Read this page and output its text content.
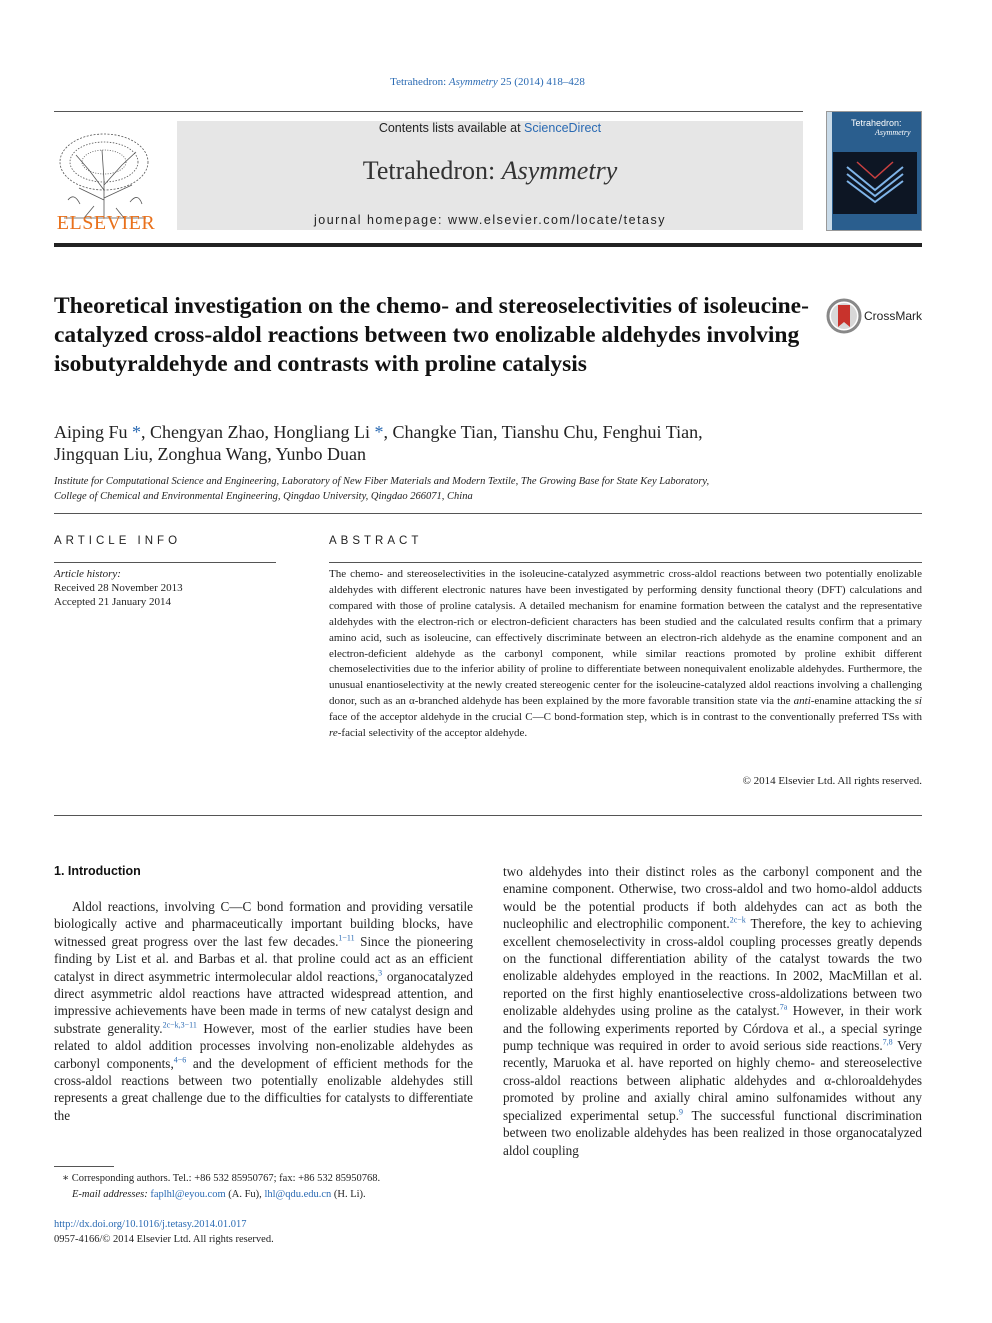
Tetrahedron: Asymmetry 25 (2014) 418–428
ELSEVIER
Contents lists available at ScienceDirect
Tetrahedron: Asymmetry
journal homepage: www.elsevier.com/locate/tetasy
Tetrahedron:
Asymmetry
Theoretical investigation on the chemo- and stereoselectivities of isoleucine-catalyzed cross-aldol reactions between two enolizable aldehydes involving isobutyraldehyde and contrasts with proline catalysis
CrossMark
Aiping Fu *, Chengyan Zhao, Hongliang Li *, Changke Tian, Tianshu Chu, Fenghui Tian,
Jingquan Liu, Zonghua Wang, Yunbo Duan
Institute for Computational Science and Engineering, Laboratory of New Fiber Materials and Modern Textile, The Growing Base for State Key Laboratory,
College of Chemical and Environmental Engineering, Qingdao University, Qingdao 266071, China
ARTICLE INFO	ABSTRACT
Article history:
Received 28 November 2013
Accepted 21 January 2014
The chemo- and stereoselectivities in the isoleucine-catalyzed asymmetric cross-aldol reactions between two potentially enolizable aldehydes with different electronic natures have been investigated by performing density functional theory (DFT) calculations and compared with those of proline catalysis. A detailed mechanism for enamine formation between the catalyst and the representative aldehydes with the electron-rich or electron-deficient characters has been studied and the calculated results confirm that a primary amino acid, such as isoleucine, can effectively discriminate between an electron-rich aldehyde as the enamine component and an electron-deficient aldehyde as the carbonyl component, while similar reactions promoted by proline exhibit different chemoselectivities due to the inferior ability of proline to differentiate between nonequivalent enolizable aldehydes. Furthermore, the unusual enantioselectivity at the newly created stereogenic center for the isoleucine-catalyzed aldol reactions involving a challenging donor, such as an α-branched aldehyde has been explained by the more favorable transition state via the anti-enamine attacking the si face of the acceptor aldehyde in the crucial C—C bond-formation step, which is in contrast to the conventionally preferred TSs with re-facial selectivity of the acceptor aldehyde.
© 2014 Elsevier Ltd. All rights reserved.
1. Introduction
Aldol reactions, involving C—C bond formation and providing versatile biologically active and pharmaceutically important building blocks, have witnessed great progress over the last few decades.$^{1-11}$ Since the pioneering finding by List et al. and Barbas et al. that proline could act as an efficient catalyst in direct asymmetric intermolecular aldol reactions,$^3$ organocatalyzed direct asymmetric aldol reactions have attracted widespread attention, and impressive achievements have been made in terms of new catalyst design and substrate generality.$^{2c-k,3-11}$ However, most of the earlier studies have been related to aldol addition processes involving non-enolizable aldehydes as carbonyl components,$^{4-6}$ and the development of efficient methods for the cross-aldol reactions between two potentially enolizable aldehydes still represents a great challenge due to the difficulties for catalysts to differentiate the
two aldehydes into their distinct roles as the carbonyl component and the enamine component. Otherwise, two cross-aldol and two homo-aldol adducts would be the potential products if both aldehydes can act as both the nucleophilic and electrophilic component.$^{2c-k}$ Therefore, the key to achieving excellent chemoselectivity in cross-aldol coupling processes greatly depends on the functional differentiation ability of the catalyst towards the two enolizable aldehydes employed in the reactions. In 2002, MacMillan et al. reported on the first highly enantioselective cross-aldolizations between two enolizable aldehydes using proline as the catalyst.$^{7a}$ However, in their work and the following experiments reported by Córdova et al., a special syringe pump technique was required in order to avoid serious side reactions.$^{7,8}$ Very recently, Maruoka et al. have reported on highly chemo- and stereoselective cross-aldol reactions between aliphatic aldehydes and α-chloroaldehydes promoted by proline and axially chiral amino sulfonamides without any specialized experimental setup.$^9$ The successful functional discrimination between two enolizable aldehydes has been realized in those organocatalyzed aldol coupling
∗ Corresponding authors. Tel.: +86 532 85950767; fax: +86 532 85950768.
E-mail addresses: faplhl@eyou.com (A. Fu), lhl@qdu.edu.cn (H. Li).
http://dx.doi.org/10.1016/j.tetasy.2014.01.017
0957-4166/© 2014 Elsevier Ltd. All rights reserved.
